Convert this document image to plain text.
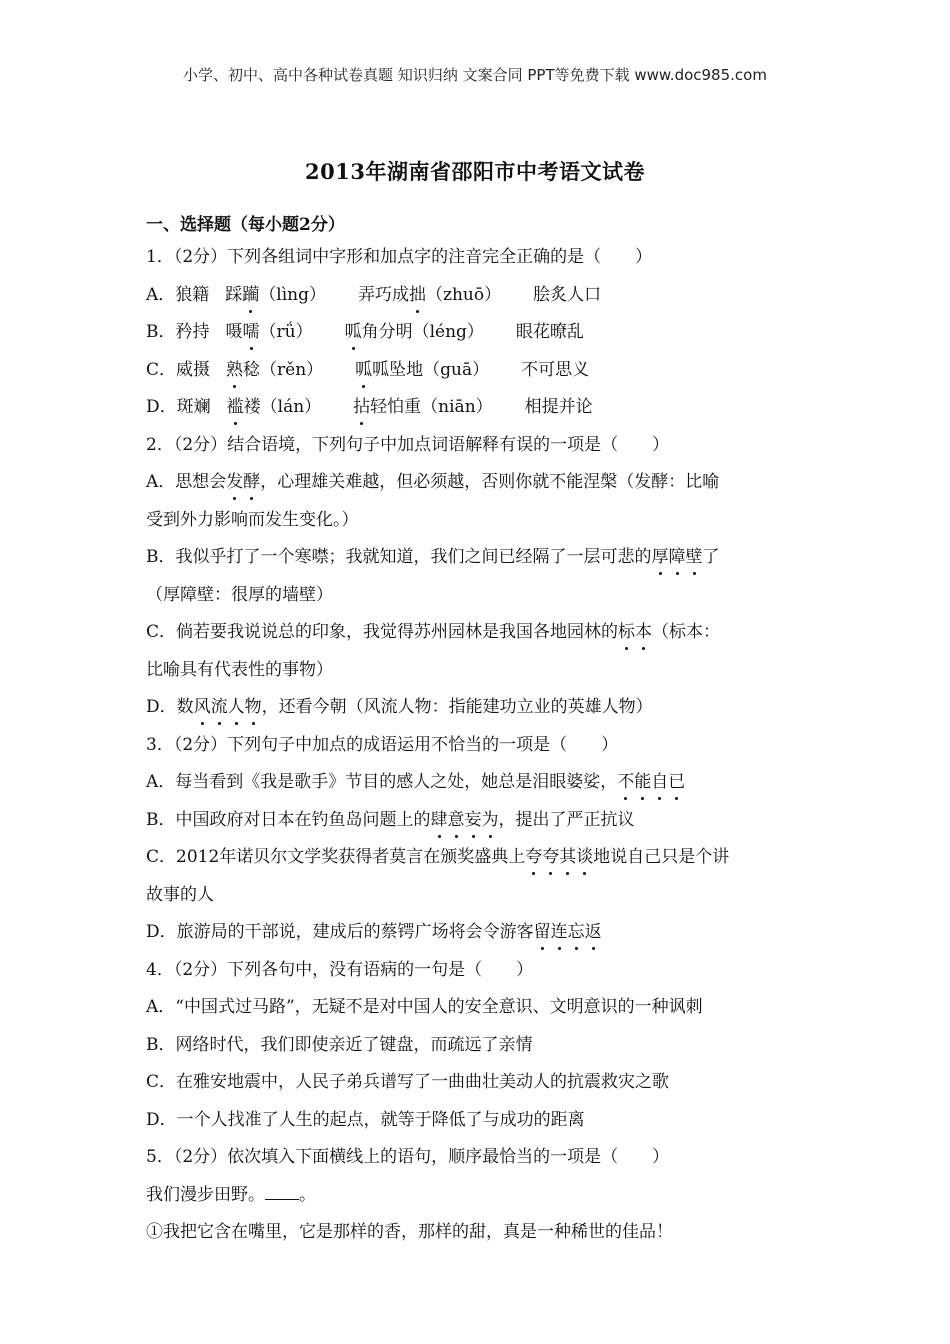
小学、初中、高中各种试卷真题 知识归纳 文案合同 PPT等免费下载 www.doc985.com
2013年湖南省邵阳市中考语文试卷
一、选择题（每小题2分）
1．（2分）下列各组词中字形和加点字的注音完全正确的是（　　）
A．狼籍 踩躏（lìng） 弄巧成拙（zhuō） 脍炙人口
B．矜持 嗫嚅（rǘ） 呱角分明（léng） 眼花暸乱
C．威摄 熟稔（rěn） 呱呱坠地（guā） 不可思义
D．斑斓 褴褛（lán） 拈轻怕重（niān） 相提并论
2．（2分）结合语境，下列句子中加点词语解释有误的一项是（　　）
A．思想会发酵，心理雄关难越，但必须越，否则你就不能涅槃（发酵：比喻
受到外力影响而发生变化。）
B．我似乎打了一个寒噤；我就知道，我们之间已经隔了一层可悲的厚障壁了
（厚障壁：很厚的墙壁）
C．倘若要我说说总的印象，我觉得苏州园林是我国各地园林的标本（标本：
比喻具有代表性的事物）
D．数风流人物，还看今朝（风流人物：指能建功立业的英雄人物）
3．（2分）下列句子中加点的成语运用不恰当的一项是（　　）
A．每当看到《我是歌手》节目的感人之处，她总是泪眼婆娑，不能自已
B．中国政府对日本在钓鱼岛问题上的肆意妄为，提出了严正抗议
C．2012年诺贝尔文学奖获得者莫言在颁奖盛典上夸夸其谈地说自己只是个讲
故事的人
D．旅游局的干部说，建成后的蔡锷广场将会令游客留连忘返
4．（2分）下列各句中，没有语病的一句是（　　）
A．“中国式过马路”，无疑不是对中国人的安全意识、文明意识的一种讽刺
B．网络时代，我们即使亲近了键盘，而疏远了亲情
C．在雅安地震中，人民子弟兵谱写了一曲曲壮美动人的抗震救灾之歌
D．一个人找准了人生的起点，就等于降低了与成功的距离
5．（2分）依次填入下面横线上的语句，顺序最恰当的一项是（　　）
我们漫步田野。 。
①我把它含在嘴里，它是那样的香，那样的甜，真是一种稀世的佳品！
